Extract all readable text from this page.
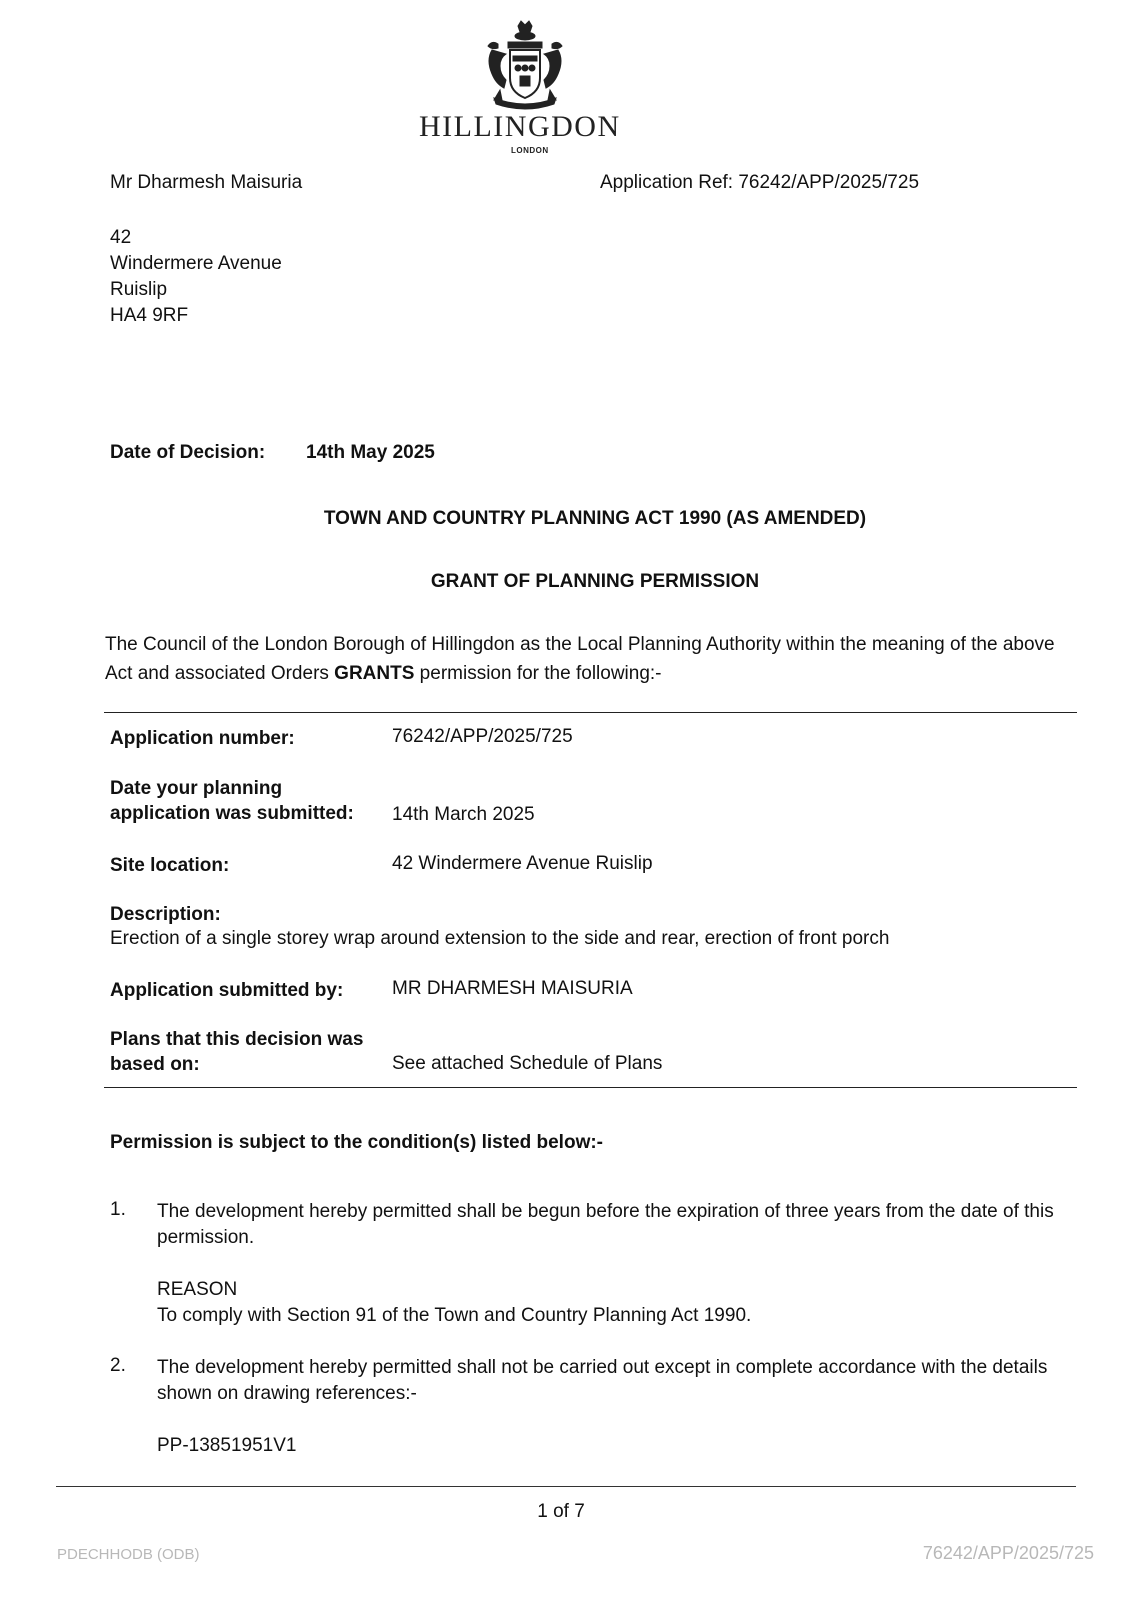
HILLINGDON
LONDON
Mr Dharmesh Maisuria	Application Ref: 76242/APP/2025/725
42
Windermere Avenue
Ruislip
HA4 9RF
Date of Decision: 14th May 2025
TOWN AND COUNTRY PLANNING ACT 1990 (AS AMENDED)
GRANT OF PLANNING PERMISSION
The Council of the London Borough of Hillingdon as the Local Planning Authority within the meaning of the above Act and associated Orders GRANTS permission for the following:-
Application number:	76242/APP/2025/725
Date your planning
application was submitted: 14th March 2025
Site location:	42 Windermere Avenue Ruislip
Description:
Erection of a single storey wrap around extension to the side and rear, erection of front porch
Application submitted by:	MR DHARMESH MAISURIA
Plans that this decision was
based on:	See attached Schedule of Plans
Permission is subject to the condition(s) listed below:-
1. The development hereby permitted shall be begun before the expiration of three years from the date of this permission.
REASON
To comply with Section 91 of the Town and Country Planning Act 1990.
2. The development hereby permitted shall not be carried out except in complete accordance with the details shown on drawing references:-
PP-13851951V1
1 of 7
PDECHHODB (ODB)	76242/APP/2025/725
